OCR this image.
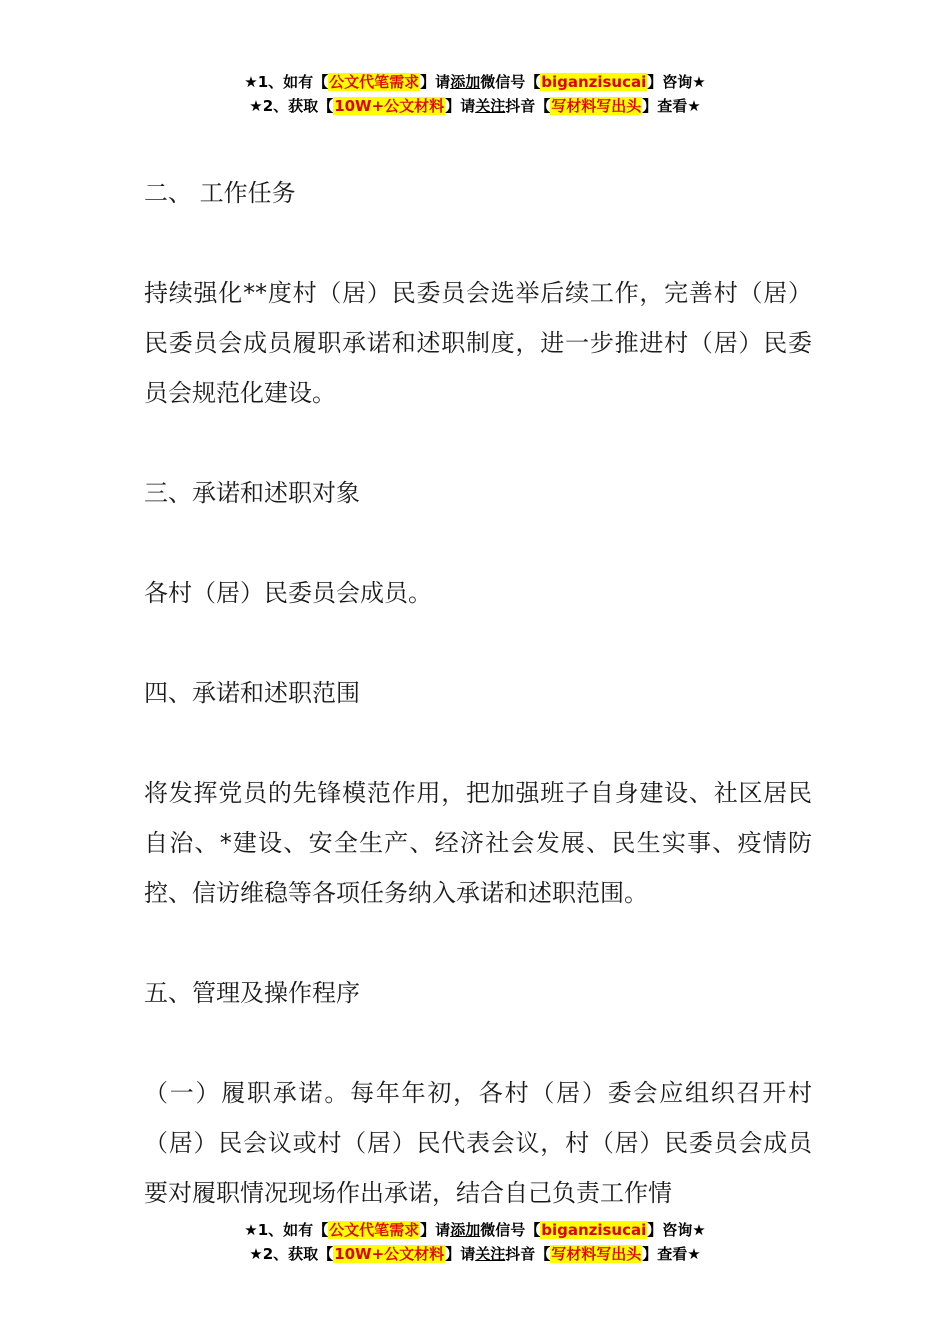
★1、如有【公文代笔需求】请添加微信号【biganzisucai】咨询★
★2、获取【10W+公文材料】请关注抖音【写材料写出头】查看★

二、 工作任务

持续强化**度村（居）民委员会选举后续工作，完善村（居）民委员会成员履职承诺和述职制度，进一步推进村（居）民委员会规范化建设。

三、承诺和述职对象

各村（居）民委员会成员。

四、承诺和述职范围

将发挥党员的先锋模范作用，把加强班子自身建设、社区居民自治、*建设、安全生产、经济社会发展、民生实事、疫情防控、信访维稳等各项任务纳入承诺和述职范围。

五、管理及操作程序

（一）履职承诺。每年年初，各村（居）委会应组织召开村（居）民会议或村（居）民代表会议，村（居）民委员会成员要对履职情况现场作出承诺，结合自己负责工作情

★1、如有【公文代笔需求】请添加微信号【biganzisucai】咨询★
★2、获取【10W+公文材料】请关注抖音【写材料写出头】查看★
